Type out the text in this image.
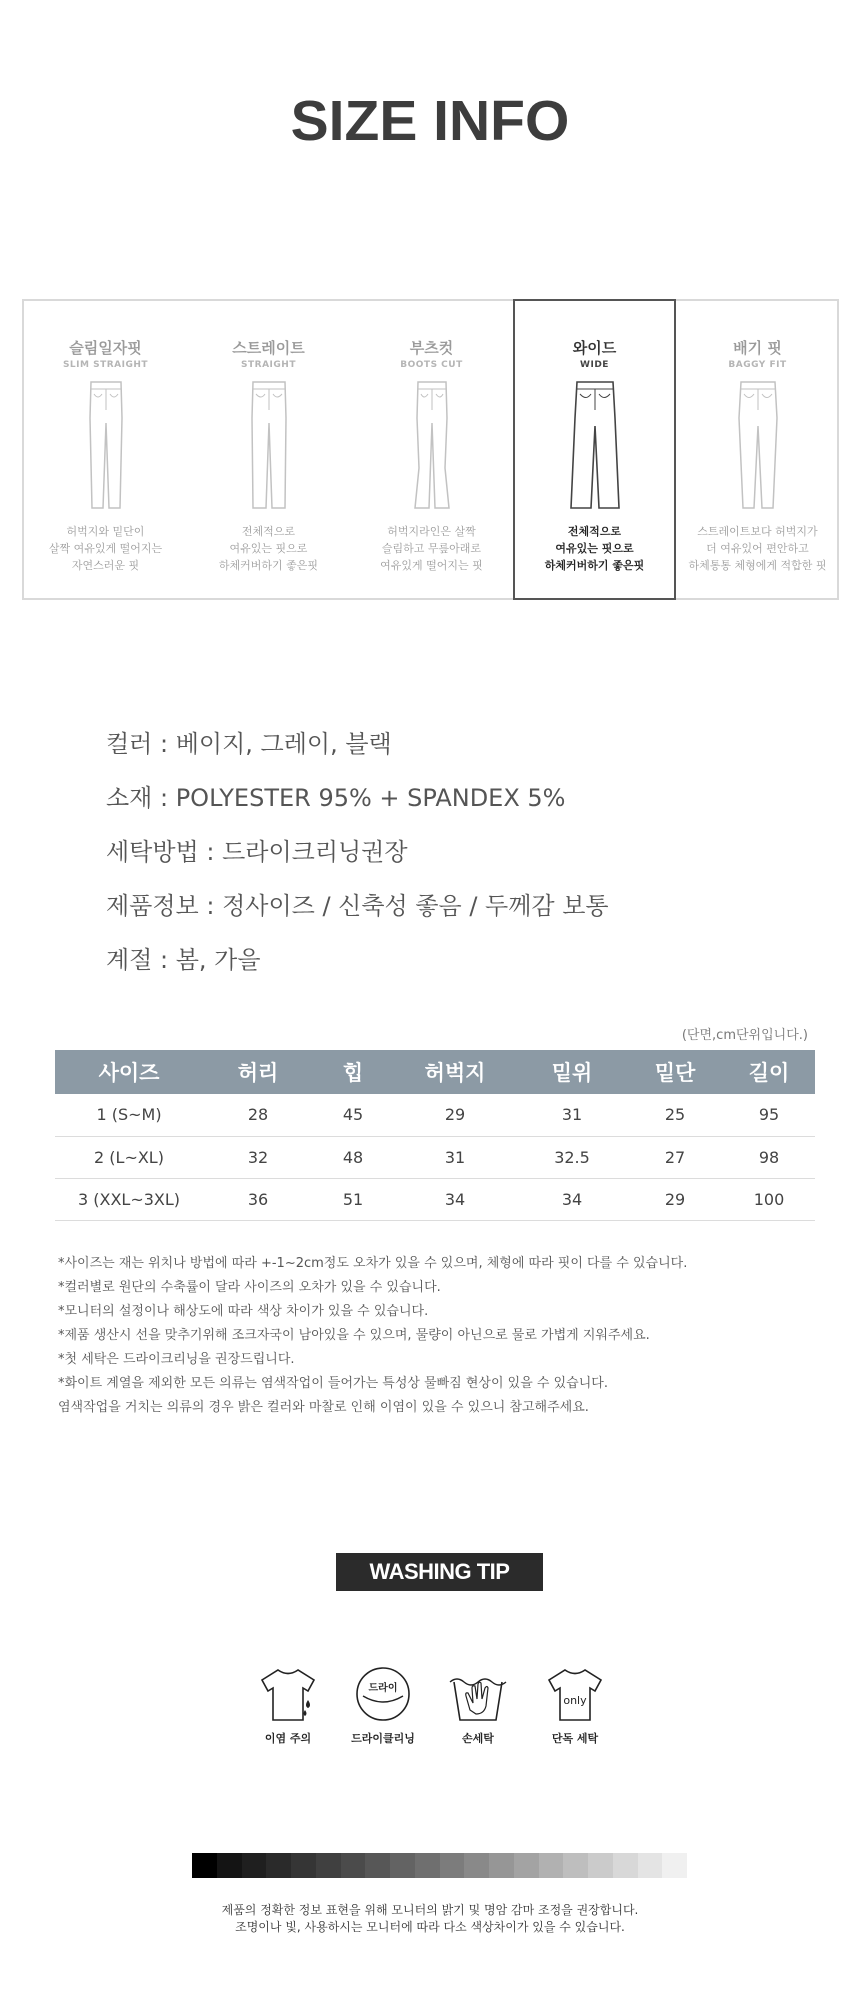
SIZE INFO
슬림일자핏
SLIM STRAIGHT
허벅지와 밑단이
살짝 여유있게 떨어지는
자연스러운 핏
스트레이트
STRAIGHT
전체적으로
여유있는 핏으로
하체커버하기 좋은핏
부츠컷
BOOTS CUT
허벅지라인은 살짝
슬림하고 무릎아래로
여유있게 떨어지는 핏
와이드
WIDE
전체적으로
여유있는 핏으로
하체커버하기 좋은핏
배기 핏
BAGGY FIT
스트레이트보다 허벅지가
더 여유있어 편안하고
하체통통 체형에게 적합한 핏
컬러 : 베이지, 그레이, 블랙
소재 : POLYESTER 95% + SPANDEX 5%
세탁방법 : 드라이크리닝권장
제품정보 : 정사이즈 / 신축성 좋음 / 두께감 보통
계절 : 봄, 가을
(단면,cm단위입니다.)
사이즈	허리	힙	허벅지	밑위	밑단	길이
1 (S~M)	28	45	29	31	25	95
2 (L~XL)	32	48	31	32.5	27	98
3 (XXL~3XL)	36	51	34	34	29	100
*사이즈는 재는 위치나 방법에 따라 +-1~2cm정도 오차가 있을 수 있으며, 체형에 따라 핏이 다를 수 있습니다.
*컬러별로 원단의 수축률이 달라 사이즈의 오차가 있을 수 있습니다.
*모니터의 설정이나 해상도에 따라 색상 차이가 있을 수 있습니다.
*제품 생산시 선을 맞추기위해 조크자국이 남아있을 수 있으며, 물량이 아닌으로 물로 가볍게 지워주세요.
*첫 세탁은 드라이크리닝을 권장드립니다.
*화이트 계열을 제외한 모든 의류는 염색작업이 들어가는 특성상 물빠짐 현상이 있을 수 있습니다.
염색작업을 거치는 의류의 경우 밝은 컬러와 마찰로 인해 이염이 있을 수 있으니 참고해주세요.
WASHING TIP
이염 주의
드라이
드라이클리닝	손세탁
only
단독 세탁
제품의 정확한 정보 표현을 위해 모니터의 밝기 및 명암 감마 조정을 권장합니다.
조명이나 빛, 사용하시는 모니터에 따라 다소 색상차이가 있을 수 있습니다.
